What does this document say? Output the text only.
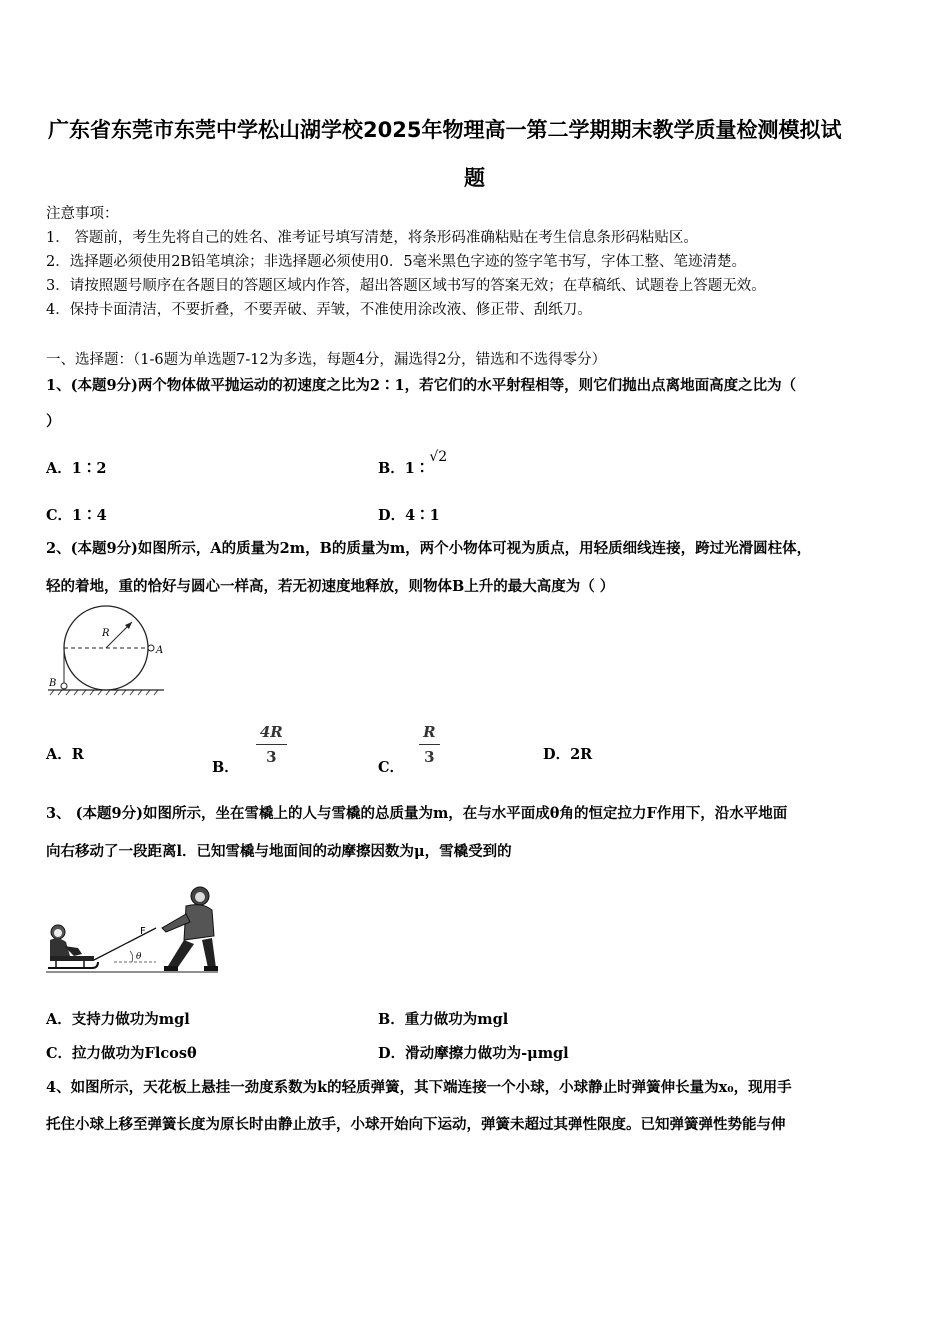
广东省东莞市东莞中学松山湖学校2025年物理高一第二学期期末教学质量检测模拟试
题
注意事项：
1． 答题前，考生先将自己的姓名、准考证号填写清楚，将条形码准确粘贴在考生信息条形码粘贴区。
2．选择题必须使用2B铅笔填涂；非选择题必须使用0．5毫米黑色字迹的签字笔书写，字体工整、笔迹清楚。
3．请按照题号顺序在各题目的答题区域内作答，超出答题区域书写的答案无效；在草稿纸、试题卷上答题无效。
4．保持卡面清洁，不要折叠，不要弄破、弄皱，不准使用涂改液、修正带、刮纸刀。
一、选择题：（1-6题为单选题7-12为多选，每题4分，漏选得2分，错选和不选得零分）
1、(本题9分)两个物体做平抛运动的初速度之比为2∶1，若它们的水平射程相等，则它们抛出点离地面高度之比为（
）
A．1∶2	B．1∶√2
C．1∶4	D．4∶1
2、(本题9分)如图所示，A的质量为2m，B的质量为m，两个小物体可视为质点，用轻质细线连接，跨过光滑圆柱体，
轻的着地，重的恰好与圆心一样高，若无初速度地释放，则物体B上升的最大高度为（ ）
R
A
B
A．R
B． $\frac{4R}{3}$	C． $\frac{R}{3}$	D．2R
3、 (本题9分)如图所示，坐在雪橇上的人与雪橇的总质量为m，在与水平面成θ角的恒定拉力F作用下，沿水平地面
向右移动了一段距离l．已知雪橇与地面间的动摩擦因数为μ，雪橇受到的
θ
F
A．支持力做功为mgl	B．重力做功为mgl
C．拉力做功为Flcosθ	D．滑动摩擦力做功为-μmgl
4、如图所示，天花板上悬挂一劲度系数为k的轻质弹簧，其下端连接一个小球，小球静止时弹簧伸长量为x₀，现用手
托住小球上移至弹簧长度为原长时由静止放手，小球开始向下运动，弹簧未超过其弹性限度。已知弹簧弹性势能与伸
